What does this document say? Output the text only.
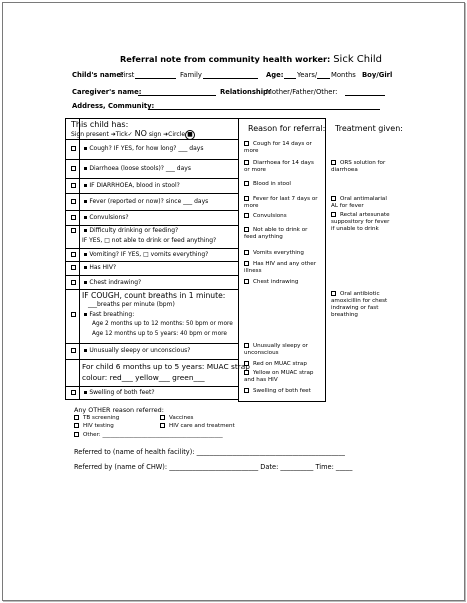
Referral note from community health worker: Sick Child
Child's name:
First	Family	Age: Years/ Months Boy/Girl
Caregiver's name:	Relationship:
Mother/Father/Other:
Address, Community:
This child has:
Sign present ➜Tick✓ NO sign ➜Circle ■
Cough? IF YES, for how long? ___ days
Diarrhoea (loose stools)? ___ days
IF DIARRHOEA, blood in stool?
Fever (reported or now)? since ___ days
Convulsions?
Difficulty drinking or feeding?
IF YES, □ not able to drink or feed anything?
Vomiting? IF YES, □ vomits everything?
Has HIV?
Chest indrawing?
IF COUGH, count breaths in 1 minute:
___breaths per minute (bpm)
Fast breathing:
Age 2 months up to 12 months: 50 bpm or more
Age 12 months up to 5 years: 40 bpm or more
Unusually sleepy or unconscious?
For child 6 months up to 5 years: MUAC strap
colour: red___ yellow___ green___
Swelling of both feet?
Reason for referral:
Cough for 14 days or more
Diarrhoea for 14 days or more
Blood in stool
Fever for last 7 days or more
Convulsions
Not able to drink or feed anything
Vomits everything
Has HIV and any other illness
Chest indrawing
Unusually sleepy or unconscious
Red on MUAC strap
Yellow on MUAC strap and has HIV
Swelling of both feet
Treatment given:
ORS solution for diarrhoea
Oral antimalarial AL for fever
Rectal artesunate suppository for fever if unable to drink
Oral antibiotic amoxicillin for chest indrawing or fast breathing
Any OTHER reason referred:
TB screening	Vaccines
HIV testing	HIV care and treatment
Other: ___________________________________________
Referred to (name of health facility): _____________________________________________
Referred by (name of CHW): ___________________________ Date: __________ Time: _____
